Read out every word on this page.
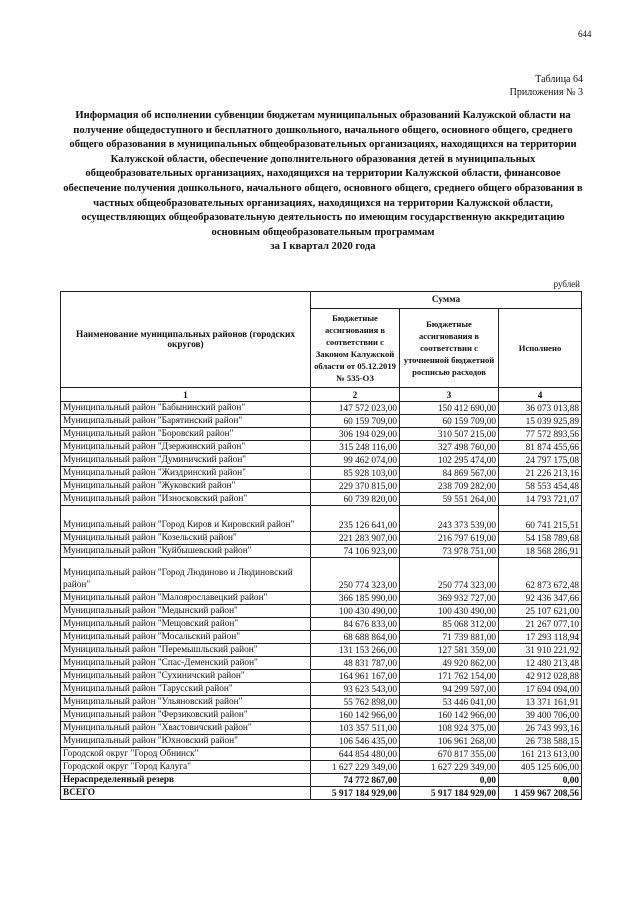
644
Таблица 64
Приложения № 3
Информация об исполнении субвенции бюджетам муниципальных образований Калужской области на получение общедоступного и бесплатного дошкольного, начального общего, основного общего, среднего общего образования в муниципальных общеобразовательных организациях, находящихся на территории Калужской области, обеспечение дополнительного образования детей в муниципальных общеобразовательных организациях, находящихся на территории Калужской области, финансовое обеспечение получения дошкольного, начального общего, основного общего, среднего общего образования в частных общеобразовательных организациях, находящихся на территории Калужской области, осуществляющих общеобразовательную деятельность по имеющим государственную аккредитацию основным общеобразовательным программам
за I квартал 2020 года
рублей
Наименование муниципальных районов (городских округов)	Сумма		
	Бюджетные ассигнования в соответствии с Законом Калужской области от 05.12.2019 № 535-ОЗ	Бюджетные ассигнования в соответствии с уточненной бюджетной росписью расходов	Исполнено
1	2	3	4
Муниципальный район "Бабынинский район"	147 572 023,00	150 412 690,00	36 073 013,88
Муниципальный район "Барятинский район"	60 159 709,00	60 159 709,00	15 039 925,89
Муниципальный район "Боровский район"	306 194 029,00	310 507 215,00	77 572 893,56
Муниципальный район "Дзержинский район"	315 248 116,00	327 498 760,00	81 874 455,66
Муниципальный район "Думиничский район"	99 462 074,00	102 295 474,00	24 797 175,08
Муниципальный район "Жиздринский район"	85 928 103,00	84 869 567,00	21 226 213,16
Муниципальный район "Жуковский район"	229 370 815,00	238 709 282,00	58 553 454,48
Муниципальный район "Износковский район"	60 739 820,00	59 551 264,00	14 793 721,07
Муниципальный район "Город Киров и Кировский район"	235 126 641,00	243 373 539,00	60 741 215,51
Муниципальный район "Козельский район"	221 283 907,00	216 797 619,00	54 158 789,68
Муниципальный район "Куйбышевский район"	74 106 923,00	73 978 751,00	18 568 286,91
Муниципальный район "Город Людиново и Людиновский район"	250 774 323,00	250 774 323,00	62 873 672,48
Муниципальный район "Малоярославецкий район"	366 185 990,00	369 932 727,00	92 436 347,66
Муниципальный район "Медынский район"	100 430 490,00	100 430 490,00	25 107 621,00
Муниципальный район "Мещовский район"	84 676 833,00	85 068 312,00	21 267 077,10
Муниципальный район "Мосальский район"	68 688 864,00	71 739 881,00	17 293 118,94
Муниципальный район "Перемышльский район"	131 153 266,00	127 581 359,00	31 910 221,92
Муниципальный район "Спас-Деменский район"	48 831 787,00	49 920 862,00	12 480 213,48
Муниципальный район "Сухиничский район"	164 961 167,00	171 762 154,00	42 912 028,88
Муниципальный район "Тарусский район"	93 623 543,00	94 299 597,00	17 694 094,00
Муниципальный район "Ульяновский район"	55 762 898,00	53 446 041,00	13 371 161,91
Муниципальный район "Ферзиковский район"	160 142 966,00	160 142 966,00	39 400 706,00
Муниципальный район "Хвастовичский район"	103 357 511,00	108 924 375,00	26 743 993,16
Муниципальный район "Юхновский район"	106 546 435,00	106 961 268,00	26 738 588,15
Городской округ "Город Обнинск"	644 854 480,00	670 817 355,00	161 213 613,00
Городской округ "Город Калуга"	1 627 229 349,00	1 627 229 349,00	405 125 606,00
Нераспределенный резерв	74 772 867,00	0,00	0,00
ВСЕГО	5 917 184 929,00	5 917 184 929,00	1 459 967 208,56
